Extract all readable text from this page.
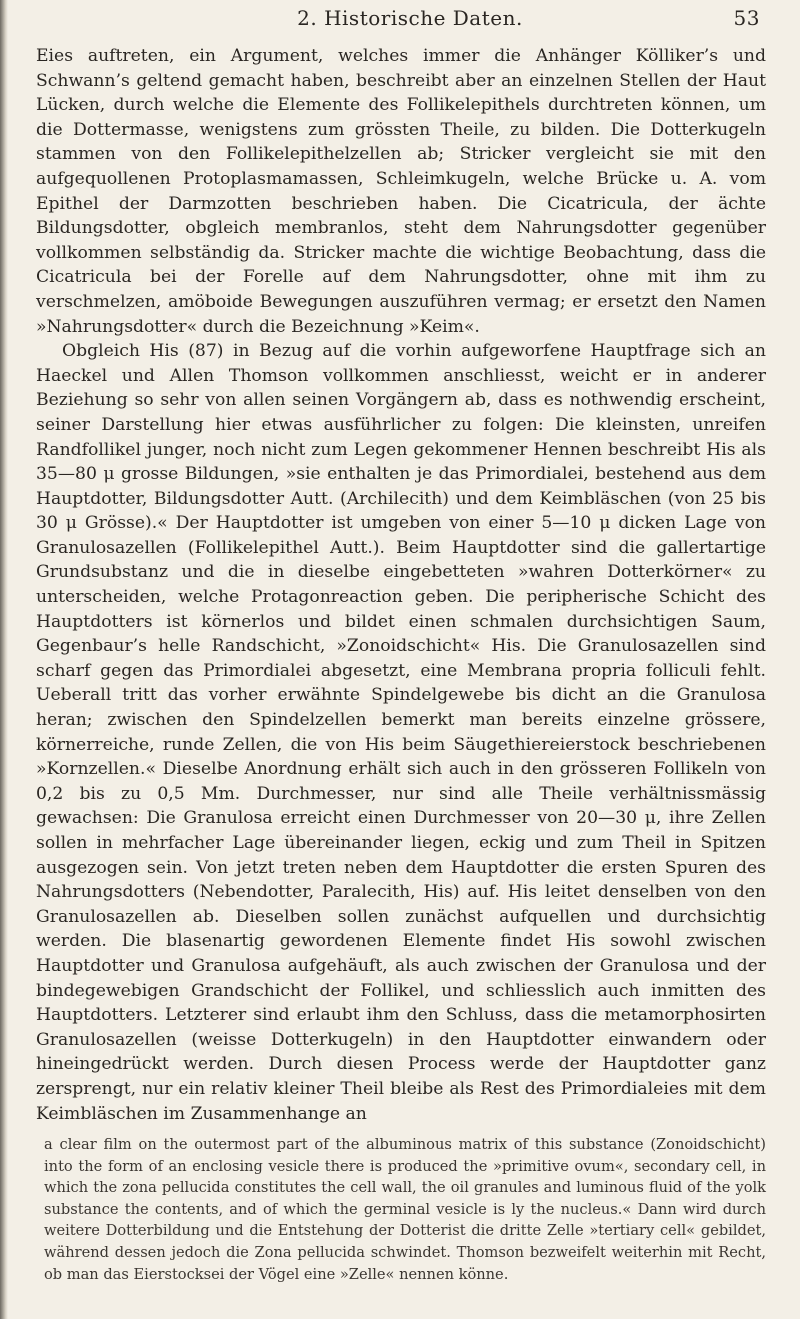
2. Historische Daten.	53

Eies auftreten, ein Argument, welches immer die Anhänger Kölliker’s und Schwann’s geltend gemacht haben, beschreibt aber an einzelnen Stellen der Haut Lücken, durch welche die Elemente des Follikelepithels durchtreten können, um die Dottermasse, wenigstens zum grössten Theile, zu bilden. Die Dotterkugeln stammen von den Follikelepithelzellen ab; Stricker vergleicht sie mit den aufgequollenen Protoplasmamassen, Schleimkugeln, welche Brücke u. A. vom Epithel der Darmzotten beschrieben haben. Die Cicatricula, der ächte Bildungsdotter, obgleich membranlos, steht dem Nahrungsdotter gegenüber vollkommen selbständig da. Stricker machte die wichtige Beobachtung, dass die Cicatricula bei der Forelle auf dem Nahrungsdotter, ohne mit ihm zu verschmelzen, amöboide Bewegungen auszuführen vermag; er ersetzt den Namen »Nahrungsdotter« durch die Bezeichnung »Keim«.

Obgleich His (87) in Bezug auf die vorhin aufgeworfene Hauptfrage sich an Haeckel und Allen Thomson vollkommen anschliesst, weicht er in anderer Beziehung so sehr von allen seinen Vorgängern ab, dass es nothwendig erscheint, seiner Darstellung hier etwas ausführlicher zu folgen: Die kleinsten, unreifen Randfollikel junger, noch nicht zum Legen gekommener Hennen beschreibt His als 35—80 μ grosse Bildungen, »sie enthalten je das Primordialei, bestehend aus dem Hauptdotter, Bildungsdotter Autt. (Archilecith) und dem Keimbläschen (von 25 bis 30 μ Grösse).« Der Hauptdotter ist umgeben von einer 5—10 μ dicken Lage von Granulosazellen (Follikelepithel Autt.). Beim Hauptdotter sind die gallertartige Grundsubstanz und die in dieselbe eingebetteten »wahren Dotterkörner« zu unterscheiden, welche Protagonreaction geben. Die peripherische Schicht des Hauptdotters ist körnerlos und bildet einen schmalen durchsichtigen Saum, Gegenbaur’s helle Randschicht, »Zonoidschicht« His. Die Granulosazellen sind scharf gegen das Primordialei abgesetzt, eine Membrana propria folliculi fehlt. Ueberall tritt das vorher erwähnte Spindelgewebe bis dicht an die Granulosa heran; zwischen den Spindelzellen bemerkt man bereits einzelne grössere, körnerreiche, runde Zellen, die von His beim Säugethiereierstock beschriebenen »Kornzellen.« Dieselbe Anordnung erhält sich auch in den grösseren Follikeln von 0,2 bis zu 0,5 Mm. Durchmesser, nur sind alle Theile verhältnissmässig gewachsen: Die Granulosa erreicht einen Durchmesser von 20—30 μ, ihre Zellen sollen in mehrfacher Lage übereinander liegen, eckig und zum Theil in Spitzen ausgezogen sein. Von jetzt treten neben dem Hauptdotter die ersten Spuren des Nahrungsdotters (Nebendotter, Paralecith, His) auf. His leitet denselben von den Granulosazellen ab. Dieselben sollen zunächst aufquellen und durchsichtig werden. Die blasenartig gewordenen Elemente findet His sowohl zwischen Hauptdotter und Granulosa aufgehäuft, als auch zwischen der Granulosa und der bindegewebigen Grandschicht der Follikel, und schliesslich auch inmitten des Hauptdotters. Letzterer sind erlaubt ihm den Schluss, dass die metamorphosirten Granulosazellen (weisse Dotterkugeln) in den Hauptdotter einwandern oder hineingedrückt werden. Durch diesen Process werde der Hauptdotter ganz zersprengt, nur ein relativ kleiner Theil bleibe als Rest des Primordialeies mit dem Keimbläschen im Zusammenhange an

a clear film on the outermost part of the albuminous matrix of this substance (Zonoidschicht) into the form of an enclosing vesicle there is produced the »primitive ovum«, secondary cell, in which the zona pellucida constitutes the cell wall, the oil granules and luminous fluid of the yolk substance the contents, and of which the germinal vesicle is ly the nucleus.« Dann wird durch weitere Dotterbildung und die Entstehung der Dotterist die dritte Zelle »tertiary cell« gebildet, während dessen jedoch die Zona pellucida schwindet. Thomson bezweifelt weiterhin mit Recht, ob man das Eierstocksei der Vögel eine »Zelle« nennen könne.
